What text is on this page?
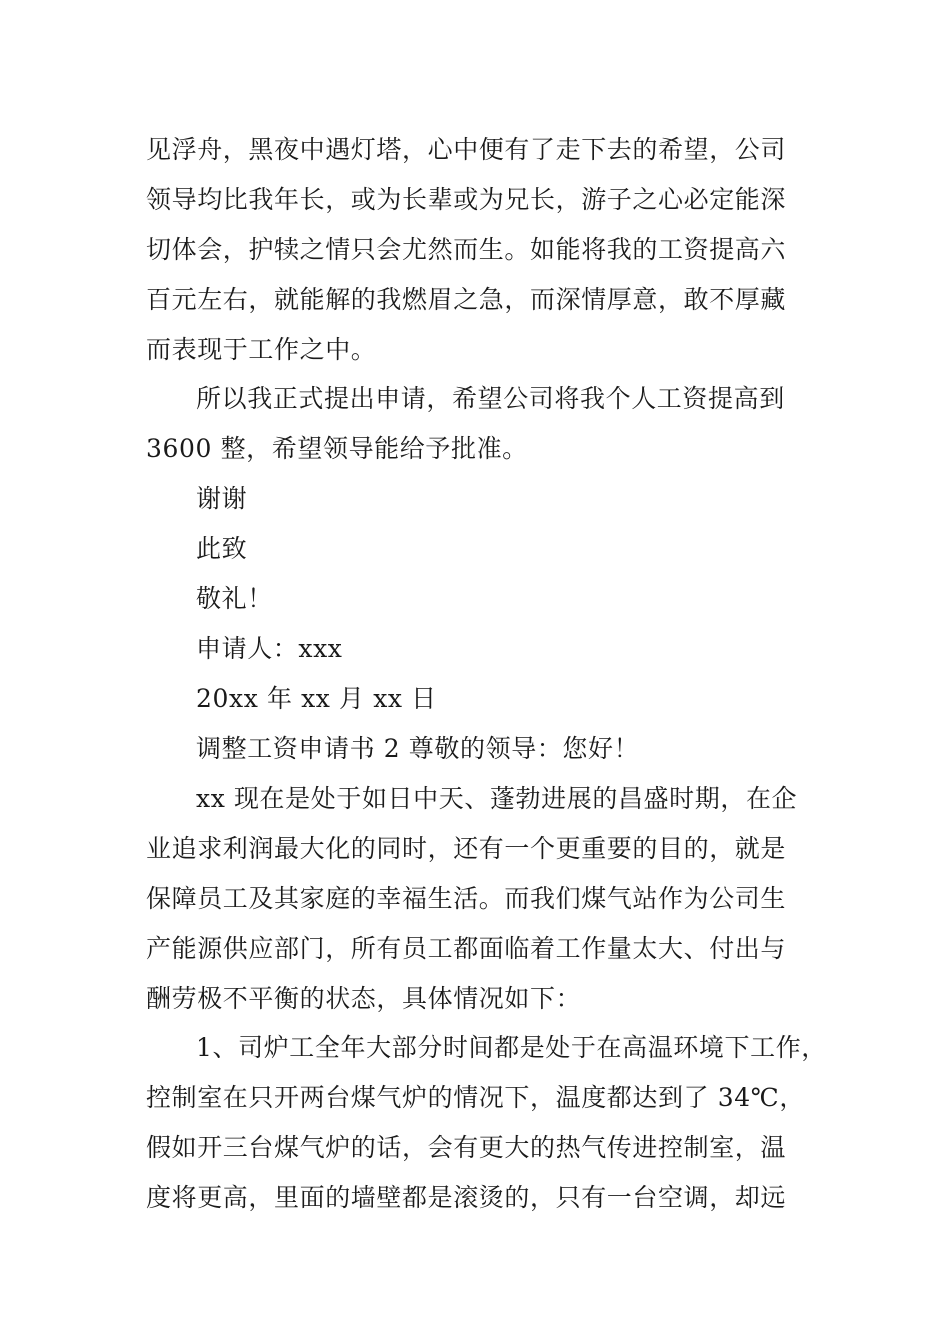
见浮舟，黑夜中遇灯塔，心中便有了走下去的希望，公司
领导均比我年长，或为长辈或为兄长，游子之心必定能深
切体会，护犊之情只会尤然而生。如能将我的工资提高六
百元左右，就能解的我燃眉之急，而深情厚意，敢不厚藏
而表现于工作之中。
所以我正式提出申请，希望公司将我个人工资提高到
3600 整，希望领导能给予批准。
谢谢
此致
敬礼！
申请人：xxx
20xx 年 xx 月 xx 日
调整工资申请书 2 尊敬的领导：您好！
xx 现在是处于如日中天、蓬勃进展的昌盛时期，在企
业追求利润最大化的同时，还有一个更重要的目的，就是
保障员工及其家庭的幸福生活。而我们煤气站作为公司生
产能源供应部门，所有员工都面临着工作量太大、付出与
酬劳极不平衡的状态，具体情况如下：
1、司炉工全年大部分时间都是处于在高温环境下工作，
控制室在只开两台煤气炉的情况下，温度都达到了 34℃，
假如开三台煤气炉的话，会有更大的热气传进控制室，温
度将更高，里面的墙壁都是滚烫的，只有一台空调，却远
